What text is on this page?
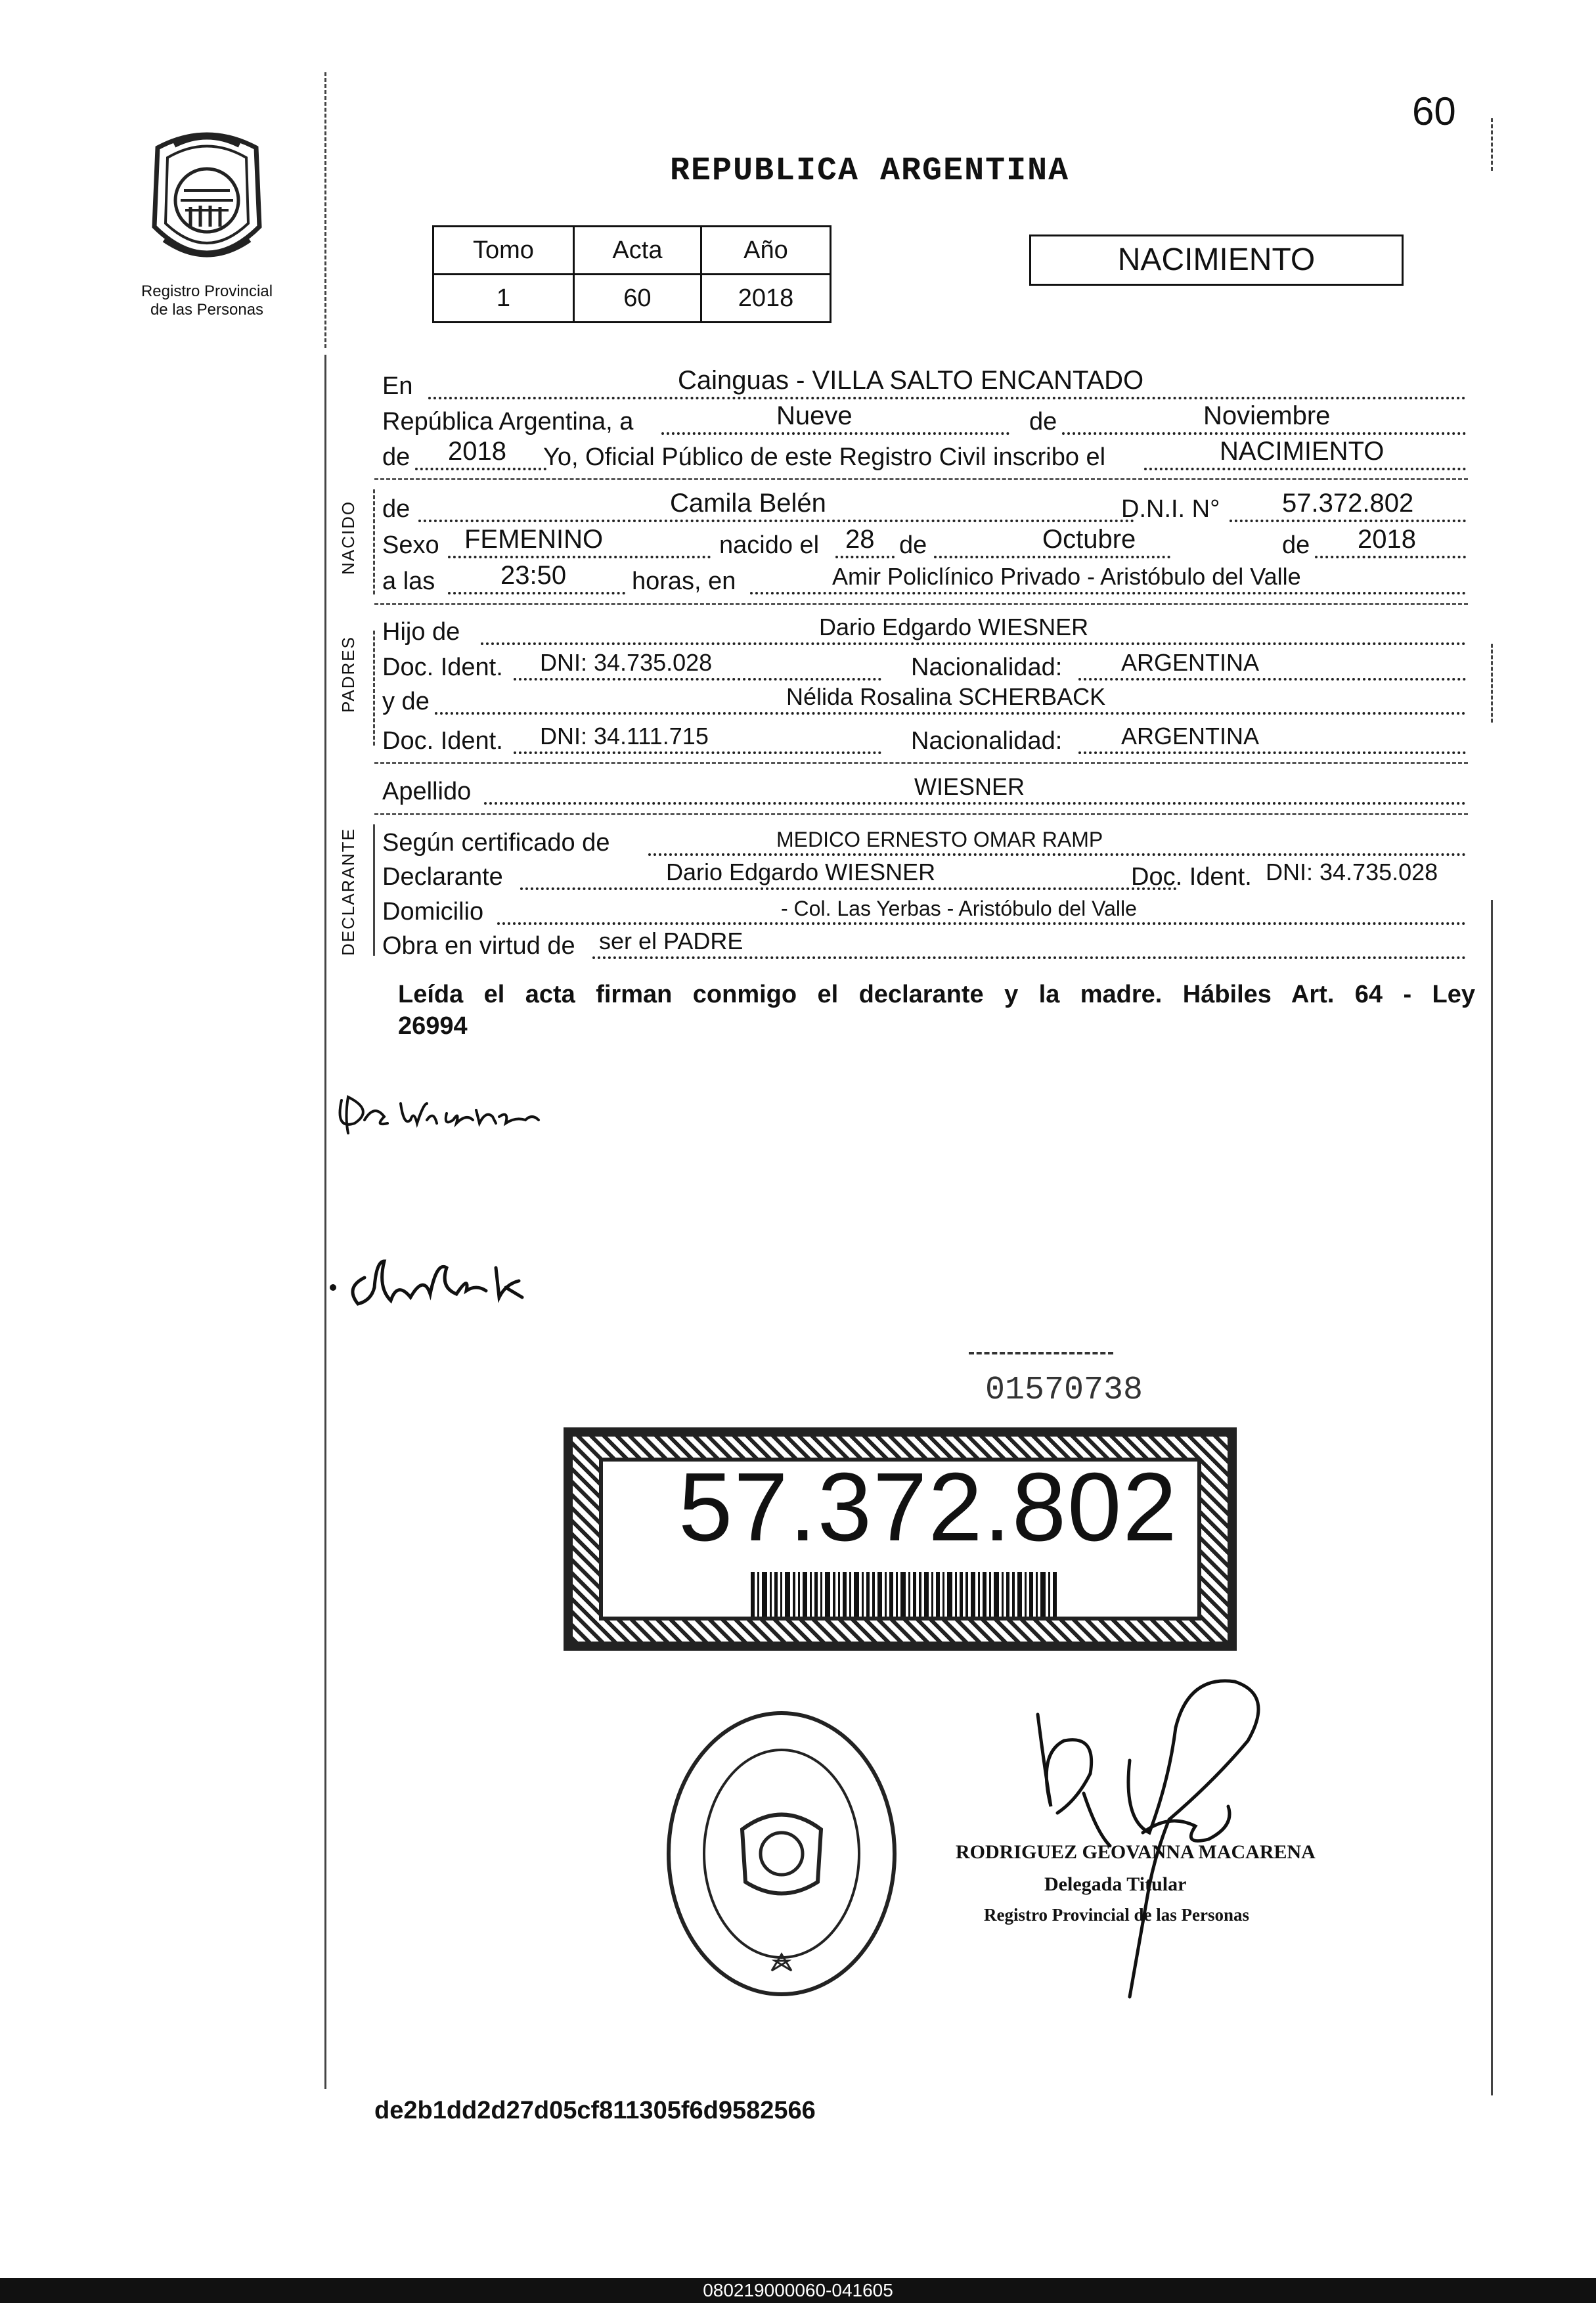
60
Registro Provincial
de las Personas
REPUBLICA ARGENTINA
Tomo	Acta	Año
1	60	2018
NACIMIENTO
NACIDO
PADRES
DECLARANTE
En	Cainguas - VILLA SALTO ENCANTADO
República Argentina, a	Nueve	de	Noviembre
de 2018 Yo, Oficial Público de este Registro Civil inscribo el	NACIMIENTO
de	Camila Belén	D.N.I. N° 57.372.802
Sexo FEMENINO	nacido el 28 de	Octubre	de 2018
a las 23:50	horas, en	Amir Policlínico Privado - Aristóbulo del Valle
Hijo de	Dario Edgardo WIESNER
Doc. Ident. DNI: 34.735.028	Nacionalidad: ARGENTINA
y de	Nélida Rosalina SCHERBACK
Doc. Ident. DNI: 34.111.715	Nacionalidad: ARGENTINA
Apellido	WIESNER
Según certificado de	MEDICO ERNESTO OMAR RAMP
Declarante	Dario Edgardo WIESNER	Doc. Ident. DNI: 34.735.028
Domicilio	- Col. Las Yerbas - Aristóbulo del Valle
Obra en virtud de ser el PADRE
Leída el acta firman conmigo el declarante y la madre. Hábiles Art. 64 - Ley
26994
01570738
57.372.802
RODRIGUEZ GEOVANNA MACARENA
Delegada Titular
Registro Provincial de las Personas
de2b1dd2d27d05cf811305f6d9582566
080219000060-041605
